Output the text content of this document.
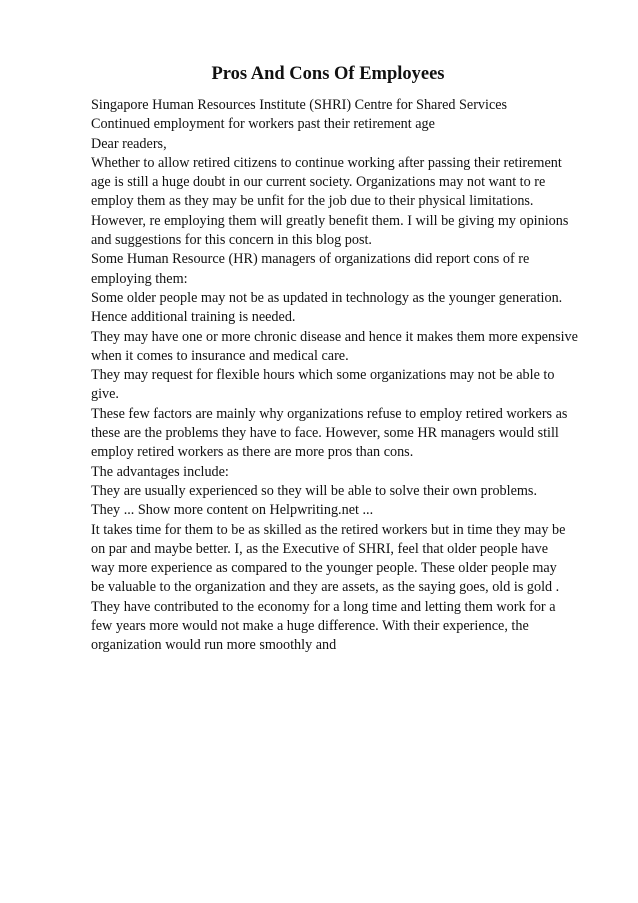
Pros And Cons Of Employees

Singapore Human Resources Institute (SHRI) Centre for Shared Services

Continued employment for workers past their retirement age

Dear readers,

Whether to allow retired citizens to continue working after passing their retirement

age is still a huge doubt in our current society. Organizations may not want to re

employ them as they may be unfit for the job due to their physical limitations.

However, re employing them will greatly benefit them. I will be giving my opinions

and suggestions for this concern in this blog post.

Some Human Resource (HR) managers of organizations did report cons of re

employing them:

Some older people may not be as updated in technology as the younger generation.

Hence additional training is needed.

They may have one or more chronic disease and hence it makes them more expensive

when it comes to insurance and medical care.

They may request for flexible hours which some organizations may not be able to

give.

These few factors are mainly why organizations refuse to employ retired workers as

these are the problems they have to face. However, some HR managers would still

employ retired workers as there are more pros than cons.

The advantages include:

They are usually experienced so they will be able to solve their own problems.

They ... Show more content on Helpwriting.net ...

It takes time for them to be as skilled as the retired workers but in time they may be

on par and maybe better. I, as the Executive of SHRI, feel that older people have

way more experience as compared to the younger people. These older people may

be valuable to the organization and they are assets, as the saying goes, old is gold .

They have contributed to the economy for a long time and letting them work for a

few years more would not make a huge difference. With their experience, the

organization would run more smoothly and
